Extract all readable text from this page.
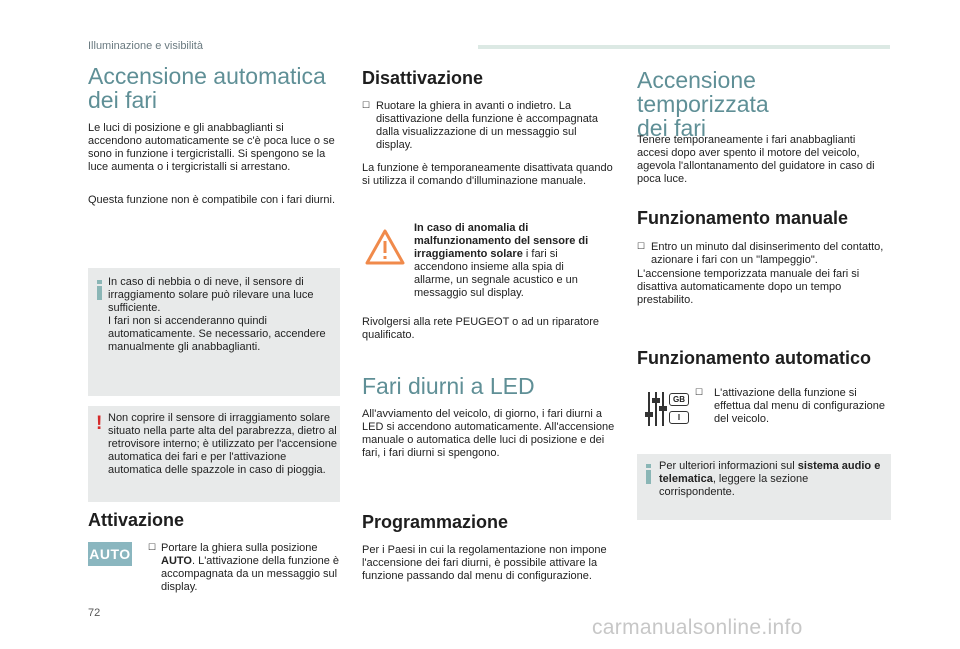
Illuminazione e visibilità
72
carmanualsonline.info
Accensione automatica
dei fari

Le luci di posizione e gli anabbaglianti si accendono automaticamente se c'è poca luce o se sono in funzione i tergicristalli. Si spengono se la luce aumenta o i tergicristalli si arrestano.

Questa funzione non è compatibile con i fari diurni.

In caso di nebbia o di neve, il sensore di irraggiamento solare può rilevare una luce sufficiente.

I fari non si accenderanno quindi automaticamente. Se necessario, accendere manualmente gli anabbaglianti.

! Non coprire il sensore di irraggiamento solare situato nella parte alta del parabrezza, dietro al retrovisore interno; è utilizzato per l'accensione automatica dei fari e per l'attivazione automatica delle spazzole in caso di pioggia.

Attivazione
AUTO ☐ Portare la ghiera sulla posizione AUTO. L'attivazione della funzione è accompagnata da un messaggio sul display.

Disattivazione
☐ Ruotare la ghiera in avanti o indietro. La disattivazione della funzione è accompagnata dalla visualizzazione di un messaggio sul display.

La funzione è temporaneamente disattivata quando si utilizza il comando d'illuminazione manuale.

In caso di anomalia di malfunzionamento del sensore di irraggiamento solare i fari si accendono insieme alla spia di allarme, un segnale acustico e un messaggio sul display.

Rivolgersi alla rete PEUGEOT o ad un riparatore qualificato.

Fari diurni a LED

All'avviamento del veicolo, di giorno, i fari diurni a LED si accendono automaticamente. All'accensione manuale o automatica delle luci di posizione e dei fari, i fari diurni si spengono.

Programmazione

Per i Paesi in cui la regolamentazione non impone l'accensione dei fari diurni, è possibile attivare la funzione passando dal menu di configurazione.

Accensione temporizzata
dei fari

Tenere temporaneamente i fari anabbaglianti accesi dopo aver spento il motore del veicolo, agevola l'allontanamento del guidatore in caso di poca luce.

Funzionamento manuale
☐ Entro un minuto dal disinserimento del contatto, azionare i fari con un "lampeggio".

L'accensione temporizzata manuale dei fari si disattiva automaticamente dopo un tempo prestabilito.

Funzionamento automatico
GB
I
☐ L'attivazione della funzione si effettua dal menu di configurazione del veicolo.

Per ulteriori informazioni sul sistema audio e telematica, leggere la sezione corrispondente.
